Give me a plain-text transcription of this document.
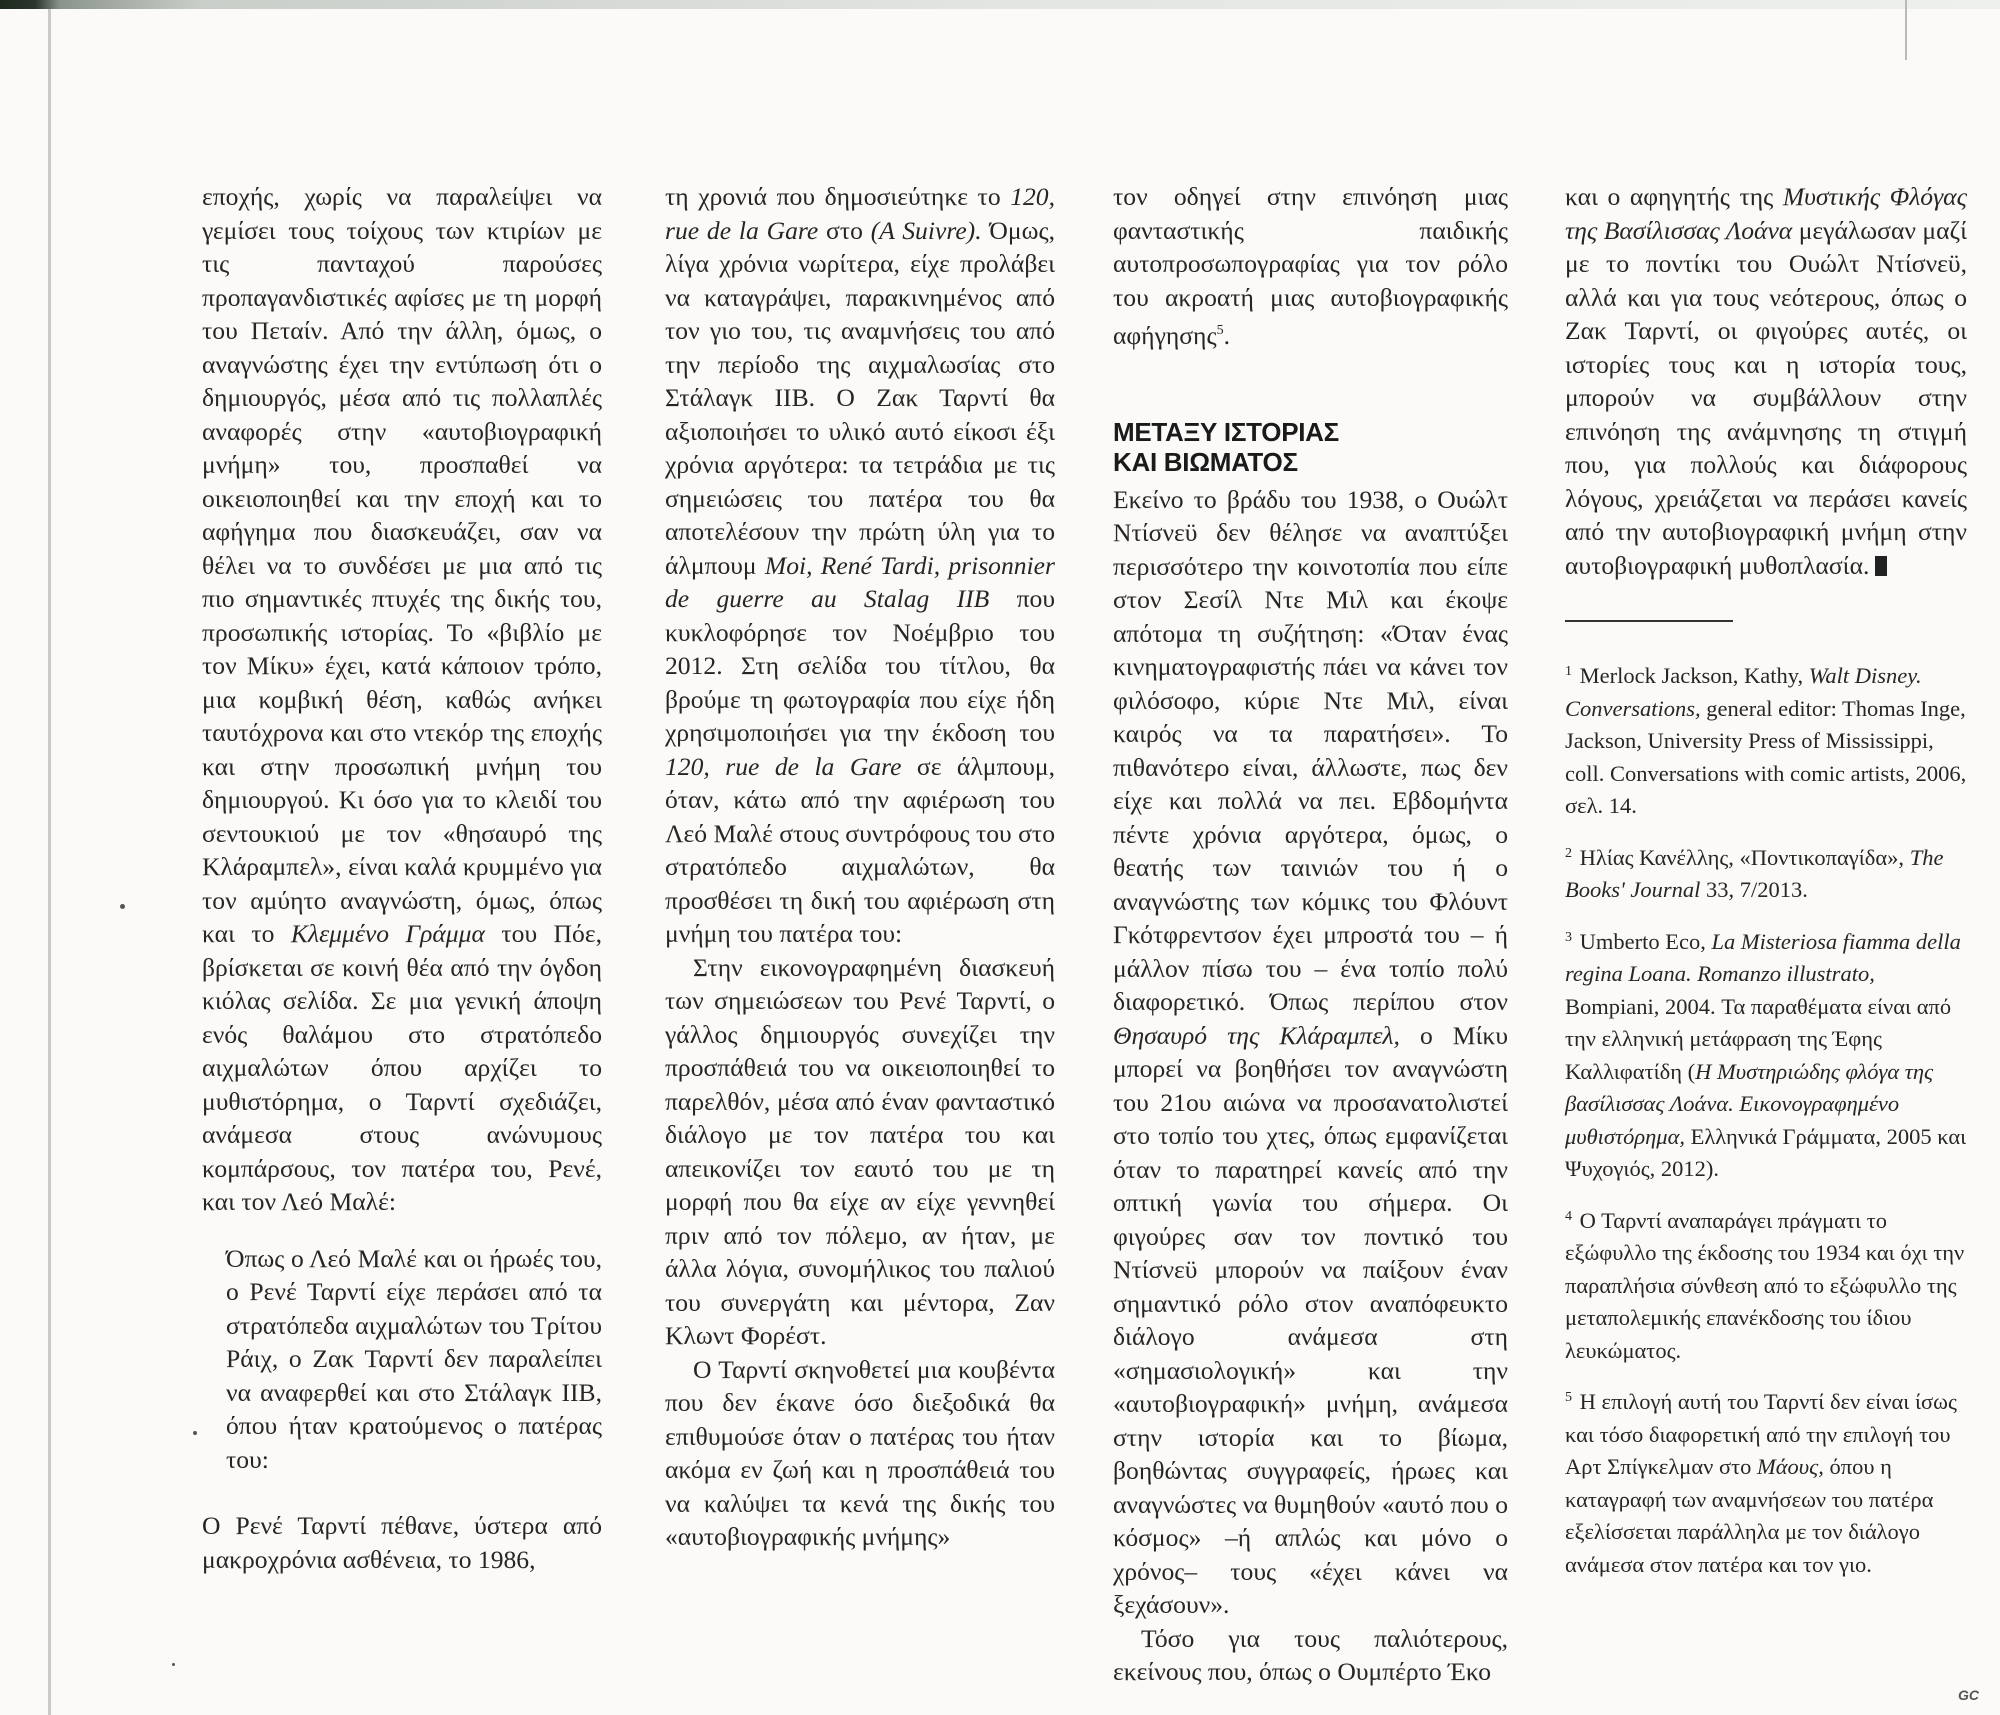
εποχής, χωρίς να παραλείψει να γεμίσει τους τοίχους των κτιρίων με τις πανταχού παρούσες προπαγανδιστικές αφίσες με τη μορφή του Πεταίν. Από την άλλη, όμως, ο αναγνώστης έχει την εντύπωση ότι ο δημιουργός, μέσα από τις πολλαπλές αναφορές στην «αυτοβιογραφική μνήμη» του, προσπαθεί να οικειοποιηθεί και την εποχή και το αφήγημα που διασκευάζει, σαν να θέλει να το συνδέσει με μια από τις πιο σημαντικές πτυχές της δικής του, προσωπικής ιστορίας. Το «βιβλίο με τον Μίκυ» έχει, κατά κάποιον τρόπο, μια κομβική θέση, καθώς ανήκει ταυτόχρονα και στο ντεκόρ της εποχής και στην προσωπική μνήμη του δημιουργού. Κι όσο για το κλειδί του σεντουκιού με τον «θησαυρό της Κλάραμπελ», είναι καλά κρυμμένο για τον αμύητο αναγνώστη, όμως, όπως και το Κλεμμένο Γράμμα του Πόε, βρίσκεται σε κοινή θέα από την όγδοη κιόλας σελίδα. Σε μια γενική άποψη ενός θαλάμου στο στρατόπεδο αιχμαλώτων όπου αρχίζει το μυθιστόρημα, ο Ταρντί σχεδιάζει, ανάμεσα στους ανώνυμους κομπάρσους, τον πατέρα του, Ρενέ, και τον Λεό Μαλέ:

Όπως ο Λεό Μαλέ και οι ήρωές του, ο Ρενέ Ταρντί είχε περάσει από τα στρατόπεδα αιχμαλώτων του Τρίτου Ράιχ, ο Ζακ Ταρντί δεν παραλείπει να αναφερθεί και στο Στάλαγκ IIB, όπου ήταν κρατούμενος ο πατέρας του:

Ο Ρενέ Ταρντί πέθανε, ύστερα από μακροχρόνια ασθένεια, το 1986,

τη χρονιά που δημοσιεύτηκε το 120, rue de la Gare στο (A Suivre). Όμως, λίγα χρόνια νωρίτερα, είχε προλάβει να καταγράψει, παρακινημένος από τον γιο του, τις αναμνήσεις του από την περίοδο της αιχμαλωσίας στο Στάλαγκ IIB. Ο Ζακ Ταρντί θα αξιοποιήσει το υλικό αυτό είκοσι έξι χρόνια αργότερα: τα τετράδια με τις σημειώσεις του πατέρα του θα αποτελέσουν την πρώτη ύλη για το άλμπουμ Moi, René Tardi, prisonnier de guerre au Stalag IIB που κυκλοφόρησε τον Νοέμβριο του 2012. Στη σελίδα του τίτλου, θα βρούμε τη φωτογραφία που είχε ήδη χρησιμοποιήσει για την έκδοση του 120, rue de la Gare σε άλμπουμ, όταν, κάτω από την αφιέρωση του Λεό Μαλέ στους συντρόφους του στο στρατόπεδο αιχμαλώτων, θα προσθέσει τη δική του αφιέρωση στη μνήμη του πατέρα του:

Στην εικονογραφημένη διασκευή των σημειώσεων του Ρενέ Ταρντί, ο γάλλος δημιουργός συνεχίζει την προσπάθειά του να οικειοποιηθεί το παρελθόν, μέσα από έναν φανταστικό διάλογο με τον πατέρα του και απεικονίζει τον εαυτό του με τη μορφή που θα είχε αν είχε γεννηθεί πριν από τον πόλεμο, αν ήταν, με άλλα λόγια, συνομήλικος του παλιού του συνεργάτη και μέντορα, Ζαν Κλωντ Φορέστ.

Ο Ταρντί σκηνοθετεί μια κουβέντα που δεν έκανε όσο διεξοδικά θα επιθυμούσε όταν ο πατέρας του ήταν ακόμα εν ζωή και η προσπάθειά του να καλύψει τα κενά της δικής του «αυτοβιογραφικής μνήμης»

τον οδηγεί στην επινόηση μιας φανταστικής παιδικής αυτοπροσωπογραφίας για τον ρόλο του ακροατή μιας αυτοβιογραφικής αφήγησης$^5$.

ΜΕΤΑΞΥ ΙΣΤΟΡΙΑΣ
ΚΑΙ ΒΙΩΜΑΤΟΣ

Εκείνο το βράδυ του 1938, ο Ουώλτ Ντίσνεϋ δεν θέλησε να αναπτύξει περισσότερο την κοινοτοπία που είπε στον Σεσίλ Ντε Μιλ και έκοψε απότομα τη συζήτηση: «Όταν ένας κινηματογραφιστής πάει να κάνει τον φιλόσοφο, κύριε Ντε Μιλ, είναι καιρός να τα παρατήσει». Το πιθανότερο είναι, άλλωστε, πως δεν είχε και πολλά να πει. Εβδομήντα πέντε χρόνια αργότερα, όμως, ο θεατής των ταινιών του ή ο αναγνώστης των κόμικς του Φλόυντ Γκότφρεντσον έχει μπροστά του – ή μάλλον πίσω του – ένα τοπίο πολύ διαφορετικό. Όπως περίπου στον Θησαυρό της Κλάραμπελ, ο Μίκυ μπορεί να βοηθήσει τον αναγνώστη του 21ου αιώνα να προσανατολιστεί στο τοπίο του χτες, όπως εμφανίζεται όταν το παρατηρεί κανείς από την οπτική γωνία του σήμερα. Οι φιγούρες σαν τον ποντικό του Ντίσνεϋ μπορούν να παίξουν έναν σημαντικό ρόλο στον αναπόφευκτο διάλογο ανάμεσα στη «σημασιολογική» και την «αυτοβιογραφική» μνήμη, ανάμεσα στην ιστορία και το βίωμα, βοηθώντας συγγραφείς, ήρωες και αναγνώστες να θυμηθούν «αυτό που ο κόσμος» –ή απλώς και μόνο ο χρόνος– τους «έχει κάνει να ξεχάσουν».

Τόσο για τους παλιότερους, εκείνους που, όπως ο Ουμπέρτο Έκο

και ο αφηγητής της Μυστικής Φλόγας της Βασίλισσας Λοάνα μεγάλωσαν μαζί με το ποντίκι του Ουώλτ Ντίσνεϋ, αλλά και για τους νεότερους, όπως ο Ζακ Ταρντί, οι φιγούρες αυτές, οι ιστορίες τους και η ιστορία τους, μπορούν να συμβάλλουν στην επινόηση της ανάμνησης τη στιγμή που, για πολλούς και διάφορους λόγους, χρειάζεται να περάσει κανείς από την αυτοβιογραφική μνήμη στην αυτοβιογραφική μυθοπλασία.

$^1$ Merlock Jackson, Kathy, Walt Disney. Conversations, general editor: Thomas Inge, Jackson, University Press of Mississippi, coll. Conversations with comic artists, 2006, σελ. 14.

$^2$ Ηλίας Κανέλλης, «Ποντικοπαγίδα», The Books' Journal 33, 7/2013.

$^3$ Umberto Eco, La Misteriosa fiamma della regina Loana. Romanzo illustrato, Bompiani, 2004. Τα παραθέματα είναι από την ελληνική μετάφραση της Έφης Καλλιφατίδη (Η Μυστηριώδης φλόγα της βασίλισσας Λοάνα. Εικονογραφημένο μυθιστόρημα, Ελληνικά Γράμματα, 2005 και Ψυχογιός, 2012).

$^4$ Ο Ταρντί αναπαράγει πράγματι το εξώφυλλο της έκδοσης του 1934 και όχι την παραπλήσια σύνθεση από το εξώφυλλο της μεταπολεμικής επανέκδοσης του ίδιου λευκώματος.

$^5$ Η επιλογή αυτή του Ταρντί δεν είναι ίσως και τόσο διαφορετική από την επιλογή του Αρτ Σπίγκελμαν στο Μάους, όπου η καταγραφή των αναμνήσεων του πατέρα εξελίσσεται παράλληλα με τον διάλογο ανάμεσα στον πατέρα και τον γιο.

GC
